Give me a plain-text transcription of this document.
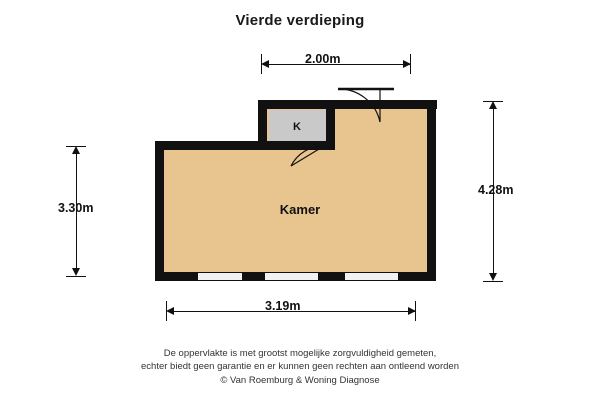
Vierde verdieping
Kamer
K
2.00m
4.28m
3.30m
3.19m
De oppervlakte is met grootst mogelijke zorgvuldigheid gemeten,
echter biedt geen garantie en er kunnen geen rechten aan ontleend worden
© Van Roemburg & Woning Diagnose
